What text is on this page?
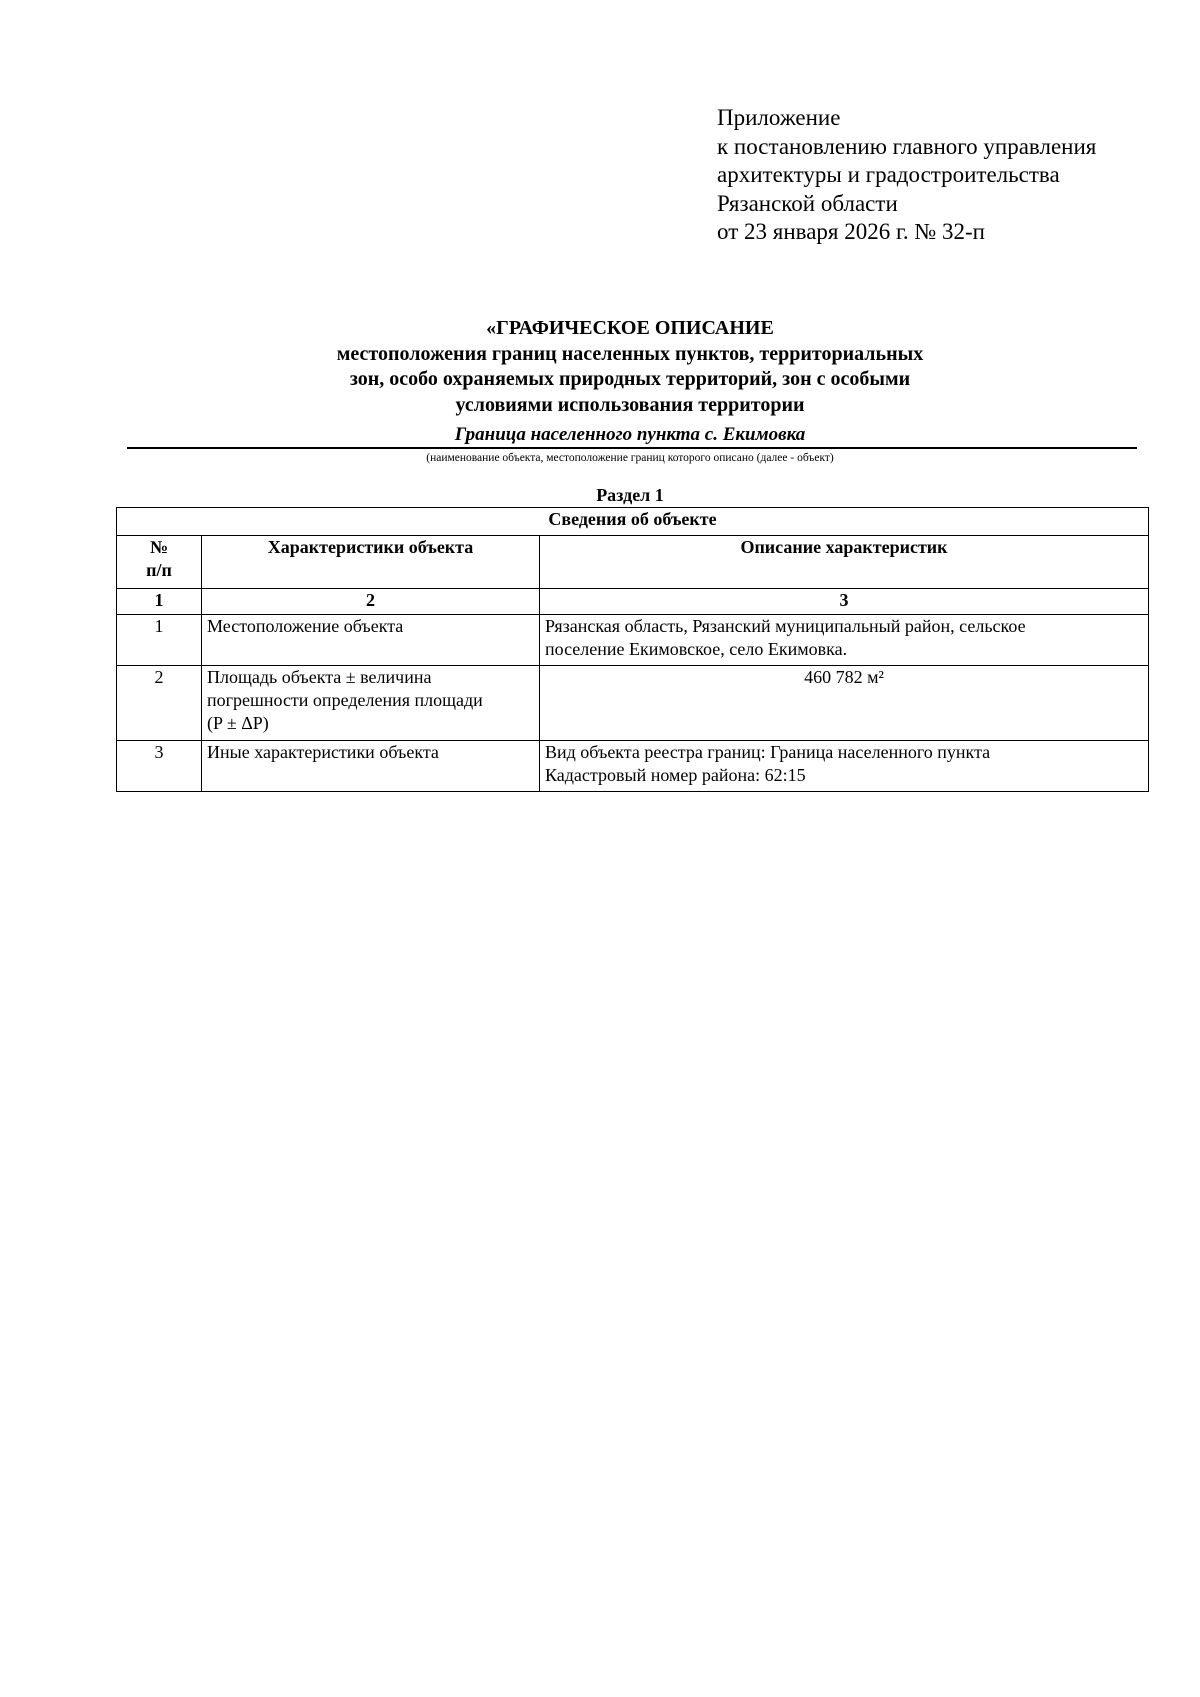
Приложение
к постановлению главного управления
архитектуры и градостроительства
Рязанской области
от 23 января 2026 г. № 32-п
«ГРАФИЧЕСКОЕ ОПИСАНИЕ
местоположения границ населенных пунктов, территориальных
зон, особо охраняемых природных территорий, зон с особыми
условиями использования территории
Граница населенного пункта с. Екимовка
(наименование объекта, местоположение границ которого описано (далее - объект)
Раздел 1
Сведения об объекте		

№
п/п	Характеристики объекта	Описание характеристик
1	2	3
1	Местоположение объекта	Рязанская область, Рязанский муниципальный район, сельское
поселение Екимовское, село Екимовка.

2	Площадь объекта ± величина
погрешности определения площади
(P ± ΔP)	460 782 м²

3	Иные характеристики объекта	Вид объекта реестра границ: Граница населенного пункта
Кадастровый номер района: 62:15
